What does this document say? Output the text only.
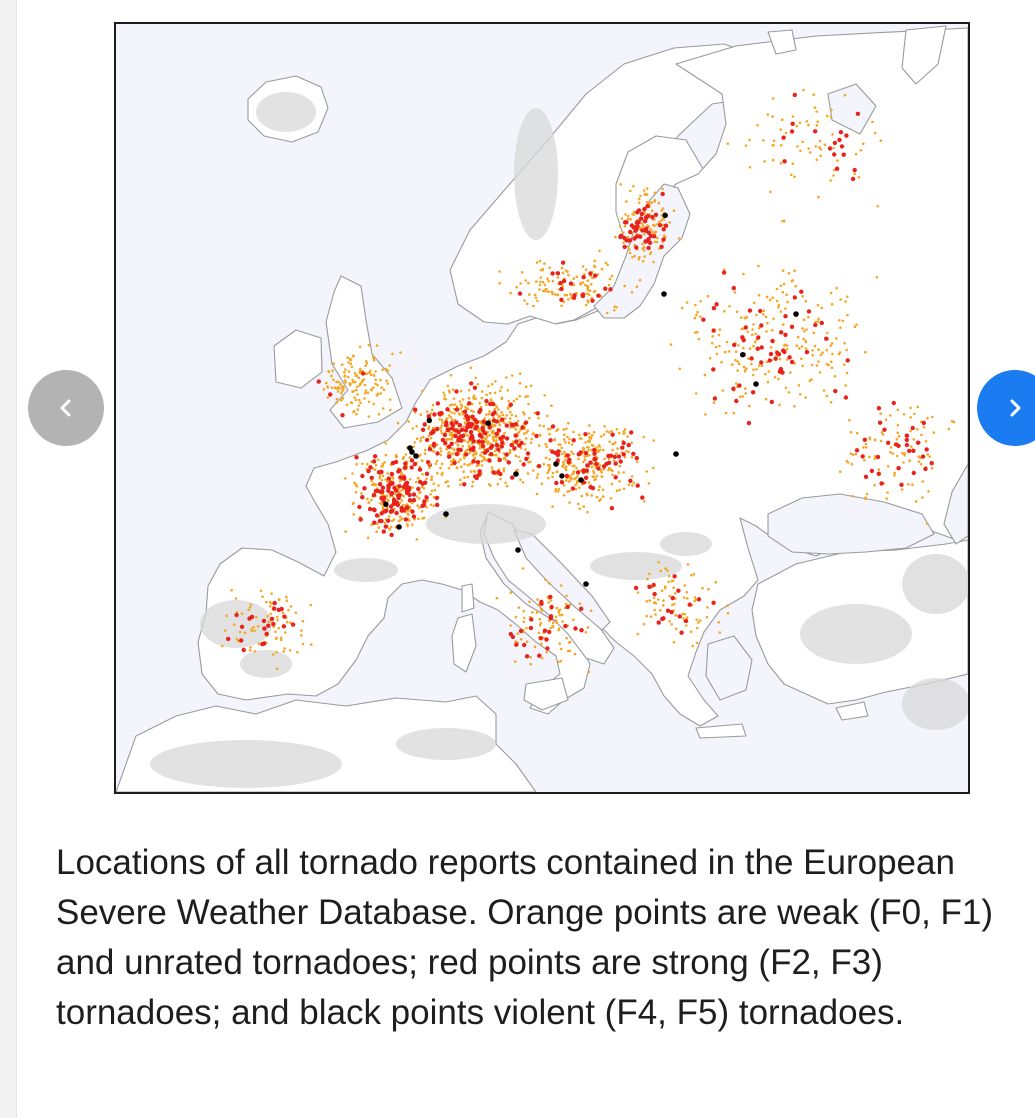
Locations of all tornado reports contained in the European Severe Weather Database. Orange points are weak (F0, F1) and unrated tornadoes; red points are strong (F2, F3) tornadoes; and black points violent (F4, F5) tornadoes.
